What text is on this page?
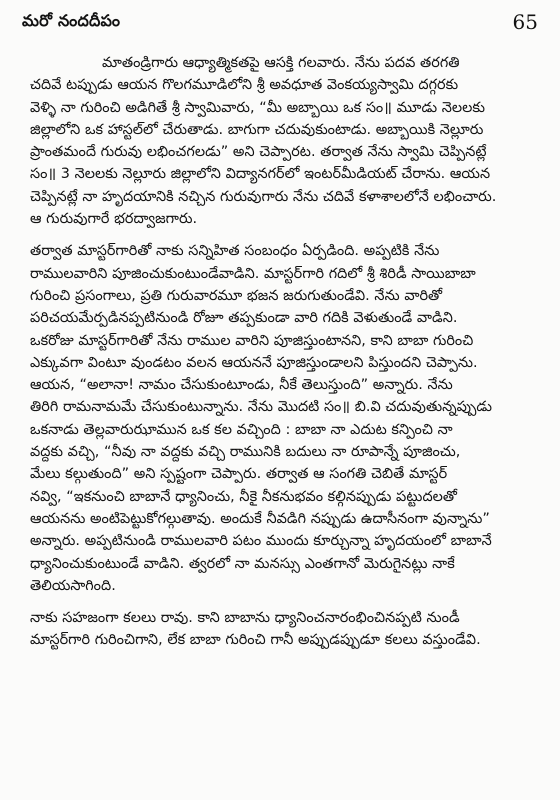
మరో నందదీపం	65

మాతండ్రిగారు ఆధ్యాత్మికతపై ఆసక్తి గలవారు. నేను పదవ తరగతి
చదివే టప్పుడు ఆయన గొలగమూడిలోని శ్రీ అవధూత వెంకయ్యస్వామి దగ్గరకు
వెళ్ళి నా గురించి అడిగితే శ్రీ స్వామివారు, “మీ అబ్బాయి ఒక సం॥ మూడు నెలలకు
జిల్లాలోని ఒక హాస్టల్‌లో చేరుతాడు. బాగుగా చదువుకుంటాడు. అబ్బాయికి నెల్లూరు
ప్రాంతమందే గురువు లభించగలడు” అని చెప్పారట. తర్వాత నేను స్వామి చెప్పినట్లే
సం॥ 3 నెలలకు నెల్లూరు జిల్లాలోని విద్యానగర్‌లో ఇంటర్‌మీడియట్ చేరాను. ఆయన
చెప్పినట్లే నా హృదయానికి నచ్చిన గురువుగారు నేను చదివే కళాశాలలోనే లభించారు.
ఆ గురువుగారే భరద్వాజగారు.

తర్వాత మాస్టర్‌గారితో నాకు సన్నిహిత సంబంధం ఏర్పడింది. అప్పటికి నేను
రాములవారిని పూజించుకుంటుండేవాడిని. మాస్టర్‌గారి గదిలో శ్రీ శిరిడీ సాయిబాబా
గురించి ప్రసంగాలు, ప్రతి గురువారమూ భజన జరుగుతుండేవి. నేను వారితో
పరిచయమేర్పడినప్పటినుండి రోజూ తప్పకుండా వారి గదికి వెళుతుండే వాడిని.
ఒకరోజు మాస్టర్‌గారితో నేను రాముల వారిని పూజిస్తుంటానని, కాని బాబా గురించి
ఎక్కువగా వింటూ వుండటం వలన ఆయననే పూజిస్తుండాలని పిస్తుందని చెప్పాను.
ఆయన, “అలానా! నామం చేసుకుంటూండు, నీకే తెలుస్తుంది” అన్నారు. నేను
తిరిగి రామనామమే చేసుకుంటున్నాను. నేను మొదటి సం॥ బి.వి చదువుతున్నప్పుడు
ఒకనాడు తెల్లవారుఝామున ఒక కల వచ్చింది : బాబా నా ఎదుట కన్పించి నా
వద్దకు వచ్చి, “నీవు నా వద్దకు వచ్చి రామునికి బదులు నా రూపాన్నే పూజించు,
మేలు కల్గుతుంది” అని స్పష్టంగా చెప్పారు. తర్వాత ఆ సంగతి చెబితే మాస్టర్
నవ్వి, “ఇకనుంచి బాబానే ధ్యానించు, నీకై నీకనుభవం కల్గినప్పుడు పట్టుదలతో
ఆయనను అంటిపెట్టుకోగల్గుతావు. అందుకే నీవడిగి నప్పుడు ఉదాసీనంగా వున్నాను”
అన్నారు. అప్పటినుండి రాములవారి పటం ముందు కూర్చున్నా హృదయంలో బాబానే
ధ్యానించుకుంటుండే వాడిని. త్వరలో నా మనస్సు ఎంతగానో మెరుగైనట్లు నాకే
తెలియసాగింది.

నాకు సహజంగా కలలు రావు. కాని బాబాను ధ్యానించనారంభించినప్పటి నుండీ
మాస్టర్‌గారి గురించిగాని, లేక బాబా గురించి గానీ అప్పుడప్పుడూ కలలు వస్తుండేవి.
